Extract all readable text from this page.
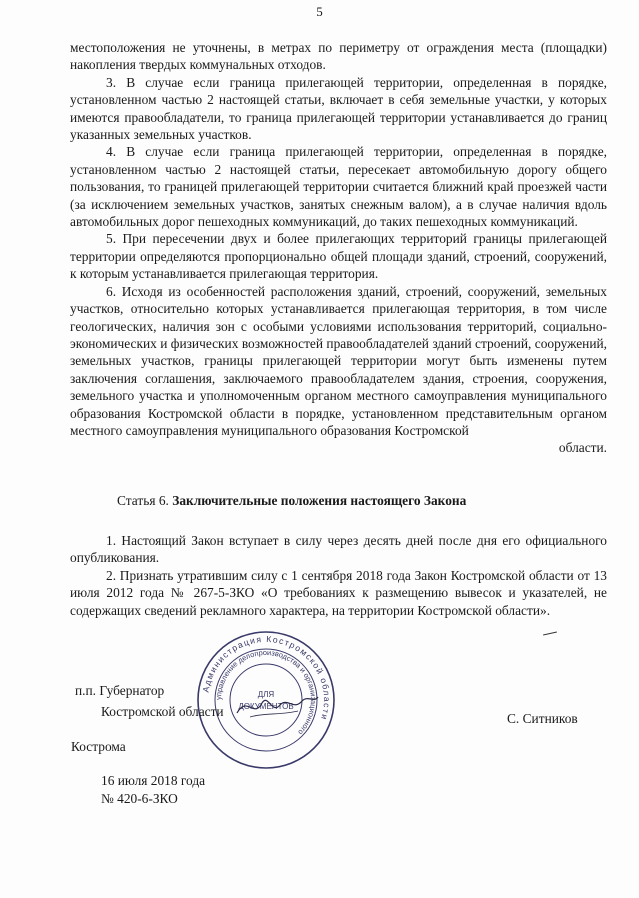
5

местоположения не уточнены, в метрах по периметру от ограждения места (площадки) накопления твердых коммунальных отходов.

3. В случае если граница прилегающей территории, определенная в порядке, установленном частью 2 настоящей статьи, включает в себя земельные участки, у которых имеются правообладатели, то граница прилегающей территории устанавливается до границ указанных земельных участков.

4. В случае если граница прилегающей территории, определенная в порядке, установленном частью 2 настоящей статьи, пересекает автомобильную дорогу общего пользования, то границей прилегающей территории считается ближний край проезжей части (за исключением земельных участков, занятых снежным валом), а в случае наличия вдоль автомобильных дорог пешеходных коммуникаций, до таких пешеходных коммуникаций.

5. При пересечении двух и более прилегающих территорий границы прилегающей территории определяются пропорционально общей площади зданий, строений, сооружений, к которым устанавливается прилегающая территория.

6. Исходя из особенностей расположения зданий, строений, сооружений, земельных участков, относительно которых устанавливается прилегающая территория, в том числе геологических, наличия зон с особыми условиями использования территорий, социально-экономических и физических возможностей правообладателей зданий строений, сооружений, земельных участков, границы прилегающей территории могут быть изменены путем заключения соглашения, заключаемого правообладателем здания, строения, сооружения, земельного участка и уполномоченным органом местного самоуправления муниципального образования Костромской области в порядке, установленном представительным органом местного самоуправления муниципального образования Костромской

области.

Статья 6. Заключительные положения настоящего Закона

1. Настоящий Закон вступает в силу через десять дней после дня его официального опубликования.

2. Признать утратившим силу с 1 сентября 2018 года Закон Костромской области от 13 июля 2012 года № 267-5-ЗКО «О требованиях к размещению вывесок и указателей, не содержащих сведений рекламного характера, на территории Костромской области».

Администрация Костромской области
управление делопроизводства и организационного
ДЛЯ
ДОКУМЕНТОВ
п.п. Губернатор
Костромской области	С. Ситников
Кострома
16 июля 2018 года
№ 420-6-ЗКО
